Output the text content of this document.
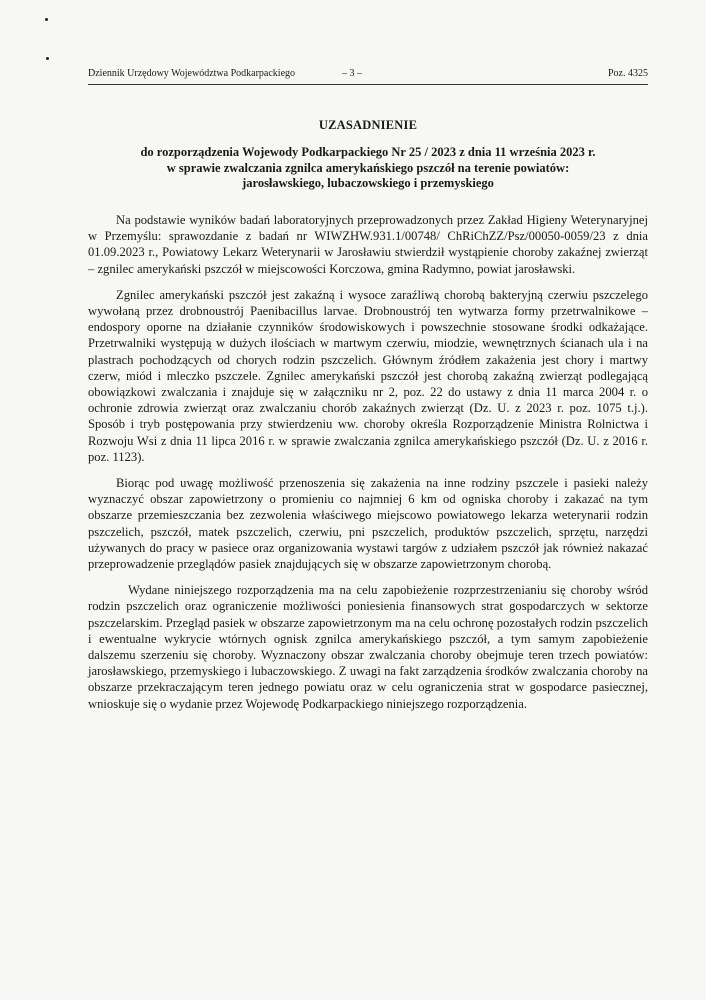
Dziennik Urzędowy Województwa Podkarpackiego	– 3 –	Poz. 4325
UZASADNIENIE
do rozporządzenia Wojewody Podkarpackiego Nr 25 / 2023 z dnia 11 września 2023 r.
w sprawie zwalczania zgnilca amerykańskiego pszczół na terenie powiatów:
jarosławskiego, lubaczowskiego i przemyskiego

Na podstawie wyników badań laboratoryjnych przeprowadzonych przez Zakład Higieny Weterynaryjnej w Przemyślu: sprawozdanie z badań nr WIWZHW.931.1/00748/ ChRiChZZ/Psz/00050-0059/23 z dnia 01.09.2023 r., Powiatowy Lekarz Weterynarii w Jarosławiu stwierdził wystąpienie choroby zakaźnej zwierząt – zgnilec amerykański pszczół w miejscowości Korczowa, gmina Radymno, powiat jarosławski.

Zgnilec amerykański pszczół jest zakaźną i wysoce zaraźliwą chorobą bakteryjną czerwiu pszczelego wywołaną przez drobnoustrój Paenibacillus larvae. Drobnoustrój ten wytwarza formy przetrwalnikowe – endospory oporne na działanie czynników środowiskowych i powszechnie stosowane środki odkażające. Przetrwalniki występują w dużych ilościach w martwym czerwiu, miodzie, wewnętrznych ścianach ula i na plastrach pochodzących od chorych rodzin pszczelich. Głównym źródłem zakażenia jest chory i martwy czerw, miód i mleczko pszczele. Zgnilec amerykański pszczół jest chorobą zakaźną zwierząt podlegającą obowiązkowi zwalczania i znajduje się w załączniku nr 2, poz. 22 do ustawy z dnia 11 marca 2004 r. o ochronie zdrowia zwierząt oraz zwalczaniu chorób zakaźnych zwierząt (Dz. U. z 2023 r. poz. 1075 t.j.). Sposób i tryb postępowania przy stwierdzeniu ww. choroby określa Rozporządzenie Ministra Rolnictwa i Rozwoju Wsi z dnia 11 lipca 2016 r. w sprawie zwalczania zgnilca amerykańskiego pszczół (Dz. U. z 2016 r. poz. 1123).

Biorąc pod uwagę możliwość przenoszenia się zakażenia na inne rodziny pszczele i pasieki należy wyznaczyć obszar zapowietrzony o promieniu co najmniej 6 km od ogniska choroby i zakazać na tym obszarze przemieszczania bez zezwolenia właściwego miejscowo powiatowego lekarza weterynarii rodzin pszczelich, pszczół, matek pszczelich, czerwiu, pni pszczelich, produktów pszczelich, sprzętu, narzędzi używanych do pracy w pasiece oraz organizowania wystawi targów z udziałem pszczół jak również nakazać przeprowadzenie przeglądów pasiek znajdujących się w obszarze zapowietrzonym chorobą.

Wydane niniejszego rozporządzenia ma na celu zapobieżenie rozprzestrzenianiu się choroby wśród rodzin pszczelich oraz ograniczenie możliwości poniesienia finansowych strat gospodarczych w sektorze pszczelarskim. Przegląd pasiek w obszarze zapowietrzonym ma na celu ochronę pozostałych rodzin pszczelich i ewentualne wykrycie wtórnych ognisk zgnilca amerykańskiego pszczół, a tym samym zapobieżenie dalszemu szerzeniu się choroby. Wyznaczony obszar zwalczania choroby obejmuje teren trzech powiatów: jarosławskiego, przemyskiego i lubaczowskiego. Z uwagi na fakt zarządzenia środków zwalczania choroby na obszarze przekraczającym teren jednego powiatu oraz w celu ograniczenia strat w gospodarce pasiecznej, wnioskuje się o wydanie przez Wojewodę Podkarpackiego niniejszego rozporządzenia.
